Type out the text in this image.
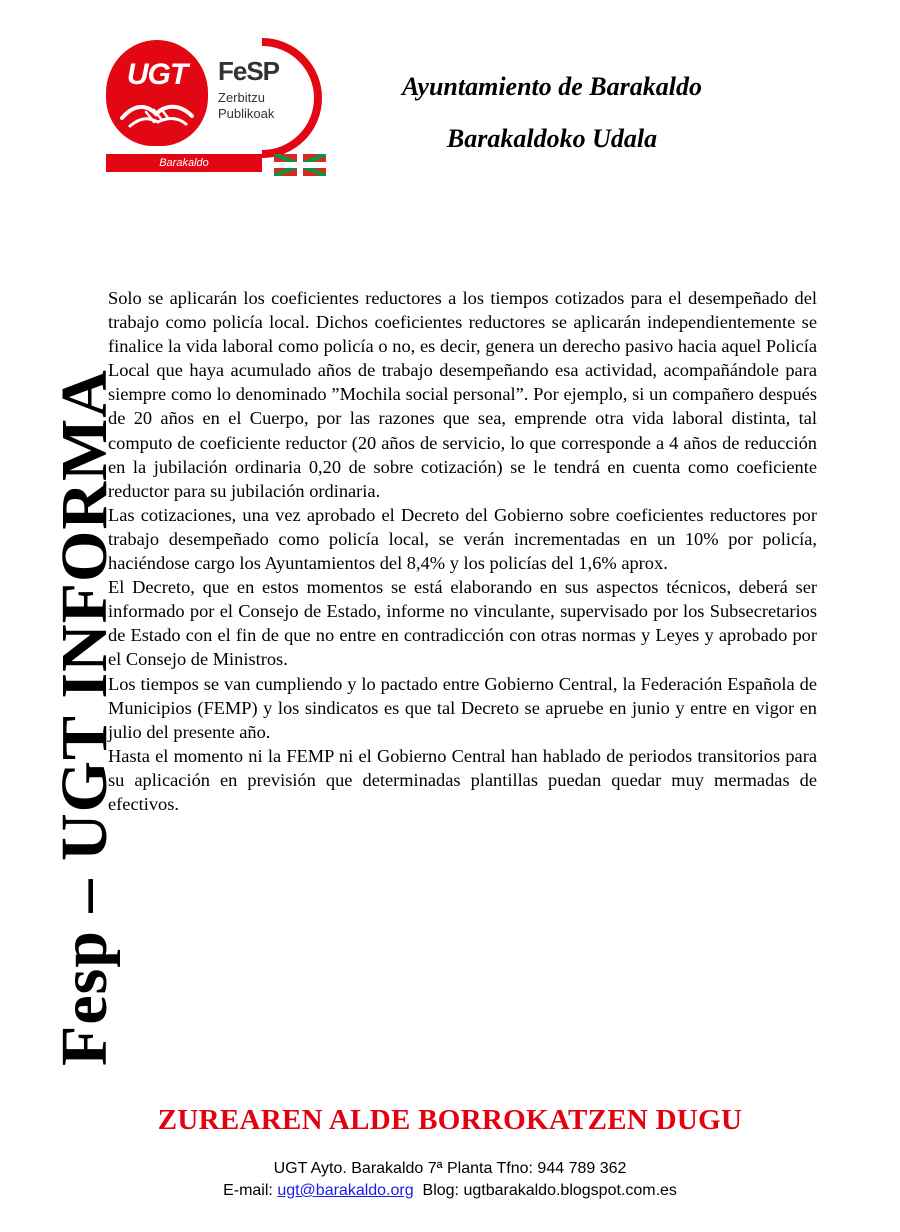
UGT	FeSP
Zerbitzu
Publikoak
Barakaldo
Ayuntamiento de Barakaldo
Barakaldoko Udala
Fesp – UGT INFORMA

Solo se aplicarán los coeficientes reductores a los tiempos cotizados para el desempeñado del trabajo como policía local. Dichos coeficientes reductores se aplicarán independientemente se finalice la vida laboral como policía o no, es decir, genera un derecho pasivo hacia aquel Policía Local que haya acumulado años de trabajo desempeñando esa actividad, acompañándole para siempre como lo denominado ”Mochila social personal”. Por ejemplo, si un compañero después de 20 años en el Cuerpo, por las razones que sea, emprende otra vida laboral distinta, tal computo de coeficiente reductor (20 años de servicio, lo que corresponde a 4 años de reducción en la jubilación ordinaria 0,20 de sobre cotización) se le tendrá en cuenta como coeficiente reductor para su jubilación ordinaria.

Las cotizaciones, una vez aprobado el Decreto del Gobierno sobre coeficientes reductores por trabajo desempeñado como policía local, se verán incrementadas en un 10% por policía, haciéndose cargo los Ayuntamientos del 8,4% y los policías del 1,6% aprox.

El Decreto, que en estos momentos se está elaborando en sus aspectos técnicos, deberá ser informado por el Consejo de Estado, informe no vinculante, supervisado por los Subsecretarios de Estado con el fin de que no entre en contradicción con otras normas y Leyes y aprobado por el Consejo de Ministros.

Los tiempos se van cumpliendo y lo pactado entre Gobierno Central, la Federación Española de Municipios (FEMP) y los sindicatos es que tal Decreto se apruebe en junio y entre en vigor en julio del presente año.

Hasta el momento ni la FEMP ni el Gobierno Central han hablado de periodos transitorios para su aplicación en previsión que determinadas plantillas puedan quedar muy mermadas de efectivos.

ZUREAREN ALDE BORROKATZEN DUGU
UGT Ayto. Barakaldo 7ª Planta Tfno: 944 789 362
E-mail: ugt@barakaldo.org  Blog: ugtbarakaldo.blogspot.com.es
